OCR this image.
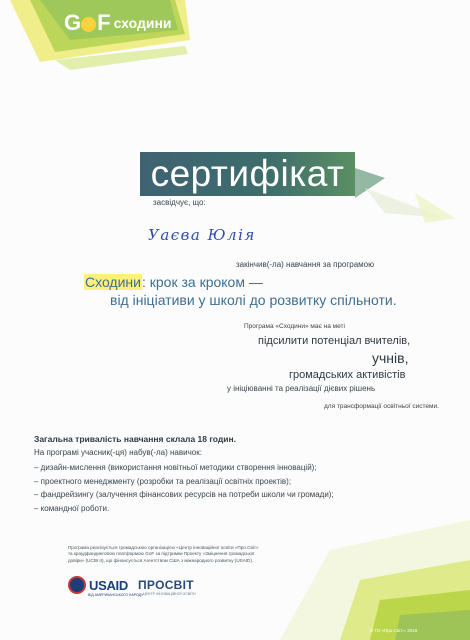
G F сходини
сертифікат
засвідчує, що:
Уаєва Юлія
закінчив(-ла) навчання за програмою
Сходини: крок за кроком —
від ініціативи у школі до розвитку спільноти.
Програма «Сходини» має на меті
підсилити потенціал вчителів,
учнів,
громадських активістів
у ініціюванні та реалізації дієвих рішень
для трансформації освітньої системи.
Загальна тривалість навчання склала 18 годин.
На програмі учасник(-ця) набув(-ла) навичок:
– дизайн-мислення (використання новітньої методики створення інновацій);
– проектного менеджменту (розробки та реалізації освітніх проектів);
– фандрейзингу (залучення фінансових ресурсів на потреби школи чи громади);
– командної роботи.
Програма реалізується громадською організацією «Центр інноваційної освіти «Про.Світ»
та краудфандинговою платформою GoF за підтримки Проекту «Зміцнення громадської
довіри» (UCBI II), що фінансується Агентством США з міжнародного розвитку (USAID).
USAID
ВІД АМЕРИКАНСЬКОГО НАРОДУ
ПРОСВІТ
ЦЕНТР ІННОВАЦІЙНОЇ ОСВІТИ
© ГО «Про.Світ», 2018
